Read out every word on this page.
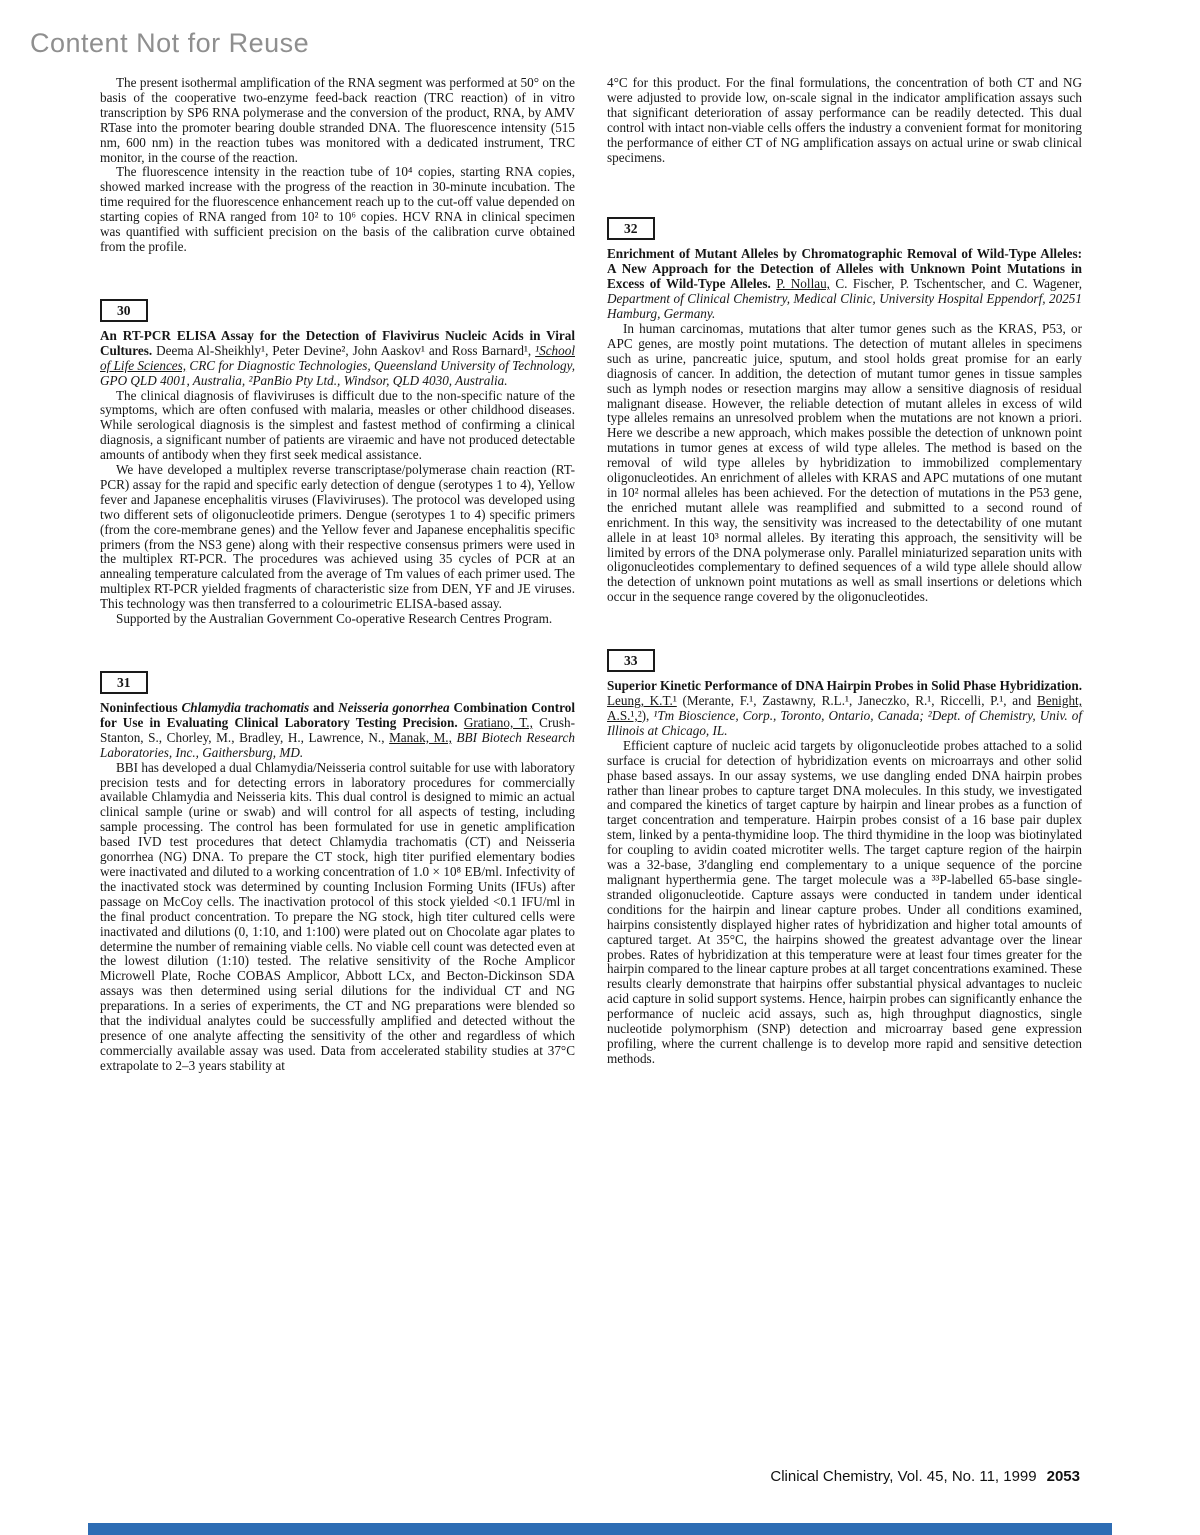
Content Not for Reuse

The present isothermal amplification of the RNA segment was performed at 50° on the basis of the cooperative two-enzyme feed-back reaction (TRC reaction) of in vitro transcription by SP6 RNA polymerase and the conversion of the product, RNA, by AMV RTase into the promoter bearing double stranded DNA. The fluorescence intensity (515 nm, 600 nm) in the reaction tubes was monitored with a dedicated instrument, TRC monitor, in the course of the reaction.

The fluorescence intensity in the reaction tube of 10⁴ copies, starting RNA copies, showed marked increase with the progress of the reaction in 30-minute incubation. The time required for the fluorescence enhancement reach up to the cut-off value depended on starting copies of RNA ranged from 10² to 10⁶ copies. HCV RNA in clinical specimen was quantified with sufficient precision on the basis of the calibration curve obtained from the profile.

30

An RT-PCR ELISA Assay for the Detection of Flavivirus Nucleic Acids in Viral Cultures. Deema Al-Sheikhly¹, Peter Devine², John Aaskov¹ and Ross Barnard¹, ¹School of Life Sciences, CRC for Diagnostic Technologies, Queensland University of Technology, GPO QLD 4001, Australia, ²PanBio Pty Ltd., Windsor, QLD 4030, Australia.

The clinical diagnosis of flaviviruses is difficult due to the non-specific nature of the symptoms, which are often confused with malaria, measles or other childhood diseases. While serological diagnosis is the simplest and fastest method of confirming a clinical diagnosis, a significant number of patients are viraemic and have not produced detectable amounts of antibody when they first seek medical assistance.

We have developed a multiplex reverse transcriptase/polymerase chain reaction (RT-PCR) assay for the rapid and specific early detection of dengue (serotypes 1 to 4), Yellow fever and Japanese encephalitis viruses (Flaviviruses). The protocol was developed using two different sets of oligonucleotide primers. Dengue (serotypes 1 to 4) specific primers (from the core-membrane genes) and the Yellow fever and Japanese encephalitis specific primers (from the NS3 gene) along with their respective consensus primers were used in the multiplex RT-PCR. The procedures was achieved using 35 cycles of PCR at an annealing temperature calculated from the average of Tm values of each primer used. The multiplex RT-PCR yielded fragments of characteristic size from DEN, YF and JE viruses. This technology was then transferred to a colourimetric ELISA-based assay.

Supported by the Australian Government Co-operative Research Centres Program.

31

Noninfectious Chlamydia trachomatis and Neisseria gonorrhea Combination Control for Use in Evaluating Clinical Laboratory Testing Precision. Gratiano, T., Crush-Stanton, S., Chorley, M., Bradley, H., Lawrence, N., Manak, M., BBI Biotech Research Laboratories, Inc., Gaithersburg, MD.

BBI has developed a dual Chlamydia/Neisseria control suitable for use with laboratory precision tests and for detecting errors in laboratory procedures for commercially available Chlamydia and Neisseria kits. This dual control is designed to mimic an actual clinical sample (urine or swab) and will control for all aspects of testing, including sample processing. The control has been formulated for use in genetic amplification based IVD test procedures that detect Chlamydia trachomatis (CT) and Neisseria gonorrhea (NG) DNA. To prepare the CT stock, high titer purified elementary bodies were inactivated and diluted to a working concentration of 1.0 × 10⁸ EB/ml. Infectivity of the inactivated stock was determined by counting Inclusion Forming Units (IFUs) after passage on McCoy cells. The inactivation protocol of this stock yielded <0.1 IFU/ml in the final product concentration. To prepare the NG stock, high titer cultured cells were inactivated and dilutions (0, 1:10, and 1:100) were plated out on Chocolate agar plates to determine the number of remaining viable cells. No viable cell count was detected even at the lowest dilution (1:10) tested. The relative sensitivity of the Roche Amplicor Microwell Plate, Roche COBAS Amplicor, Abbott LCx, and Becton-Dickinson SDA assays was then determined using serial dilutions for the individual CT and NG preparations. In a series of experiments, the CT and NG preparations were blended so that the individual analytes could be successfully amplified and detected without the presence of one analyte affecting the sensitivity of the other and regardless of which commercially available assay was used. Data from accelerated stability studies at 37°C extrapolate to 2–3 years stability at

4°C for this product. For the final formulations, the concentration of both CT and NG were adjusted to provide low, on-scale signal in the indicator amplification assays such that significant deterioration of assay performance can be readily detected. This dual control with intact non-viable cells offers the industry a convenient format for monitoring the performance of either CT of NG amplification assays on actual urine or swab clinical specimens.

32

Enrichment of Mutant Alleles by Chromatographic Removal of Wild-Type Alleles: A New Approach for the Detection of Alleles with Unknown Point Mutations in Excess of Wild-Type Alleles. P. Nollau, C. Fischer, P. Tschentscher, and C. Wagener, Department of Clinical Chemistry, Medical Clinic, University Hospital Eppendorf, 20251 Hamburg, Germany.

In human carcinomas, mutations that alter tumor genes such as the KRAS, P53, or APC genes, are mostly point mutations. The detection of mutant alleles in specimens such as urine, pancreatic juice, sputum, and stool holds great promise for an early diagnosis of cancer. In addition, the detection of mutant tumor genes in tissue samples such as lymph nodes or resection margins may allow a sensitive diagnosis of residual malignant disease. However, the reliable detection of mutant alleles in excess of wild type alleles remains an unresolved problem when the mutations are not known a priori. Here we describe a new approach, which makes possible the detection of unknown point mutations in tumor genes at excess of wild type alleles. The method is based on the removal of wild type alleles by hybridization to immobilized complementary oligonucleotides. An enrichment of alleles with KRAS and APC mutations of one mutant in 10² normal alleles has been achieved. For the detection of mutations in the P53 gene, the enriched mutant allele was reamplified and submitted to a second round of enrichment. In this way, the sensitivity was increased to the detectability of one mutant allele in at least 10³ normal alleles. By iterating this approach, the sensitivity will be limited by errors of the DNA polymerase only. Parallel miniaturized separation units with oligonucleotides complementary to defined sequences of a wild type allele should allow the detection of unknown point mutations as well as small insertions or deletions which occur in the sequence range covered by the oligonucleotides.

33

Superior Kinetic Performance of DNA Hairpin Probes in Solid Phase Hybridization. Leung, K.T.¹ (Merante, F.¹, Zastawny, R.L.¹, Janeczko, R.¹, Riccelli, P.¹, and Benight, A.S.¹,²), ¹Tm Bioscience, Corp., Toronto, Ontario, Canada; ²Dept. of Chemistry, Univ. of Illinois at Chicago, IL.

Efficient capture of nucleic acid targets by oligonucleotide probes attached to a solid surface is crucial for detection of hybridization events on microarrays and other solid phase based assays. In our assay systems, we use dangling ended DNA hairpin probes rather than linear probes to capture target DNA molecules. In this study, we investigated and compared the kinetics of target capture by hairpin and linear probes as a function of target concentration and temperature. Hairpin probes consist of a 16 base pair duplex stem, linked by a penta-thymidine loop. The third thymidine in the loop was biotinylated for coupling to avidin coated microtiter wells. The target capture region of the hairpin was a 32-base, 3'dangling end complementary to a unique sequence of the porcine malignant hyperthermia gene. The target molecule was a ³³P-labelled 65-base single-stranded oligonucleotide. Capture assays were conducted in tandem under identical conditions for the hairpin and linear capture probes. Under all conditions examined, hairpins consistently displayed higher rates of hybridization and higher total amounts of captured target. At 35°C, the hairpins showed the greatest advantage over the linear probes. Rates of hybridization at this temperature were at least four times greater for the hairpin compared to the linear capture probes at all target concentrations examined. These results clearly demonstrate that hairpins offer substantial physical advantages to nucleic acid capture in solid support systems. Hence, hairpin probes can significantly enhance the performance of nucleic acid assays, such as, high throughput diagnostics, single nucleotide polymorphism (SNP) detection and microarray based gene expression profiling, where the current challenge is to develop more rapid and sensitive detection methods.

Clinical Chemistry, Vol. 45, No. 11, 1999 2053
